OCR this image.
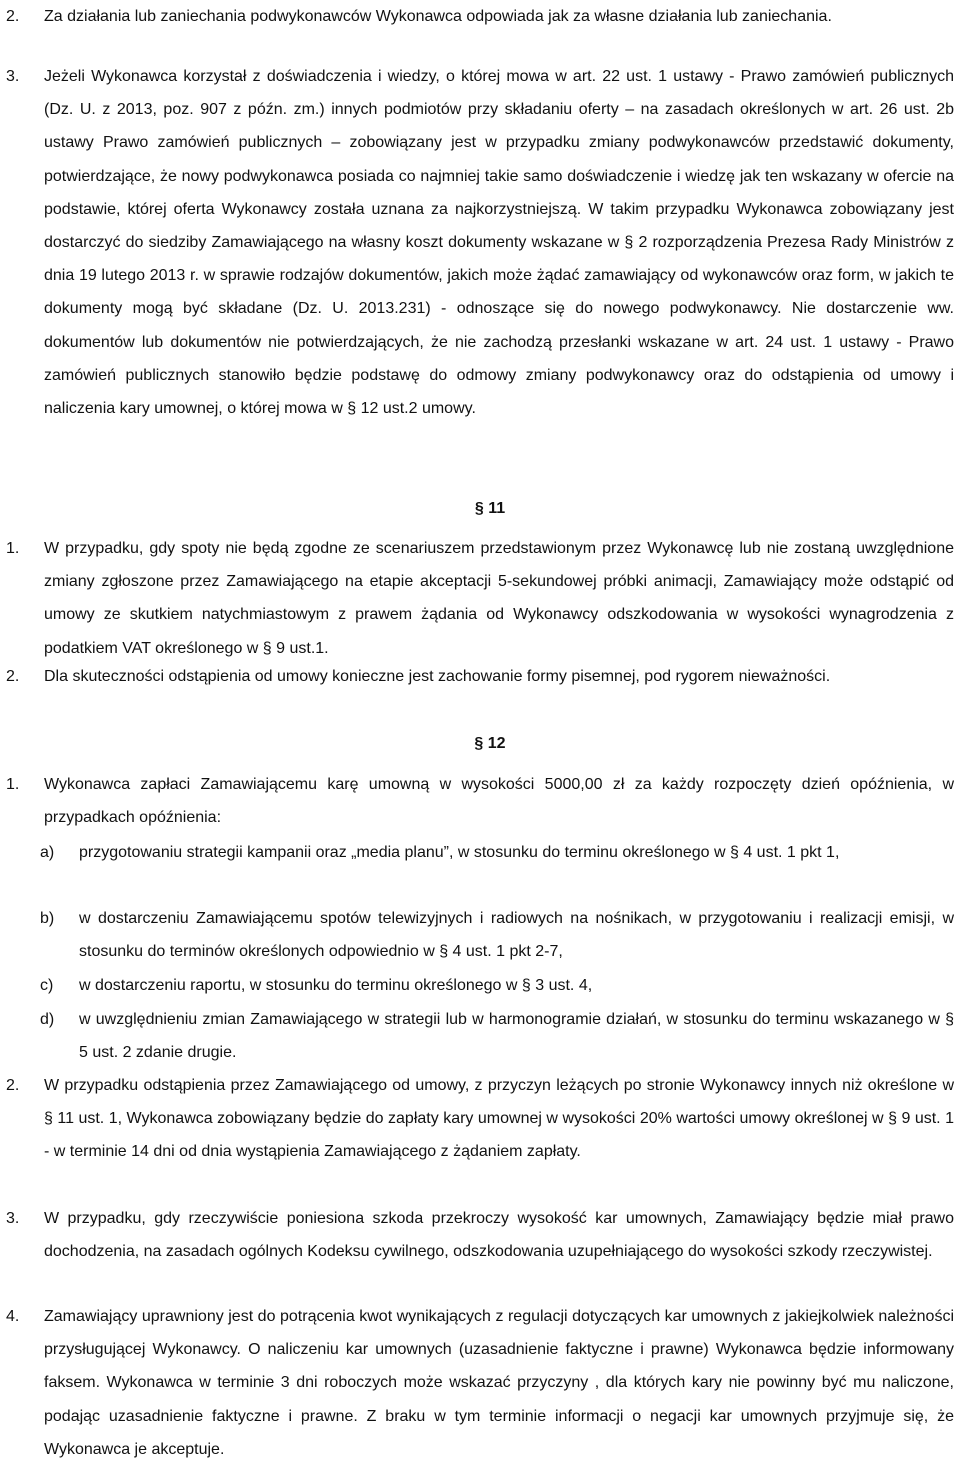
2. Za działania lub zaniechania podwykonawców Wykonawca odpowiada jak za własne działania lub zaniechania.
3. Jeżeli Wykonawca korzystał z doświadczenia i wiedzy, o której mowa w art. 22 ust. 1 ustawy - Prawo zamówień publicznych (Dz. U. z 2013, poz. 907 z późn. zm.) innych podmiotów przy składaniu oferty – na zasadach określonych w art. 26 ust. 2b ustawy Prawo zamówień publicznych – zobowiązany jest w przypadku zmiany podwykonawców przedstawić dokumenty, potwierdzające, że nowy podwykonawca posiada co najmniej takie samo doświadczenie i wiedzę jak ten wskazany w ofercie na podstawie, której oferta Wykonawcy została uznana za najkorzystniejszą. W takim przypadku Wykonawca zobowiązany jest dostarczyć do siedziby Zamawiającego na własny koszt dokumenty wskazane w § 2 rozporządzenia Prezesa Rady Ministrów z dnia 19 lutego 2013 r. w sprawie rodzajów dokumentów, jakich może żądać zamawiający od wykonawców oraz form, w jakich te dokumenty mogą być składane (Dz. U. 2013.231) - odnoszące się do nowego podwykonawcy. Nie dostarczenie ww. dokumentów lub dokumentów nie potwierdzających, że nie zachodzą przesłanki wskazane w art. 24 ust. 1 ustawy - Prawo zamówień publicznych stanowiło będzie podstawę do odmowy zmiany podwykonawcy oraz do odstąpienia od umowy i naliczenia kary umownej, o której mowa w § 12 ust.2 umowy.
§ 11
1. W przypadku, gdy spoty nie będą zgodne ze scenariuszem przedstawionym przez Wykonawcę lub nie zostaną uwzględnione zmiany zgłoszone przez Zamawiającego na etapie akceptacji 5-sekundowej próbki animacji, Zamawiający może odstąpić od umowy ze skutkiem natychmiastowym z prawem żądania od Wykonawcy odszkodowania w wysokości wynagrodzenia z podatkiem VAT określonego w § 9 ust.1.
2. Dla skuteczności odstąpienia od umowy konieczne jest zachowanie formy pisemnej, pod rygorem nieważności.
§ 12
1. Wykonawca zapłaci Zamawiającemu karę umowną w wysokości 5000,00 zł za każdy rozpoczęty dzień opóźnienia, w przypadkach opóźnienia:
a) przygotowaniu strategii kampanii oraz „media planu”, w stosunku do terminu określonego w § 4 ust. 1 pkt 1,
b) w dostarczeniu Zamawiającemu spotów telewizyjnych i radiowych na nośnikach, w przygotowaniu i realizacji emisji, w stosunku do terminów określonych odpowiednio w § 4 ust. 1 pkt 2-7,
c) w dostarczeniu raportu, w stosunku do terminu określonego w § 3 ust. 4,
d) w uwzględnieniu zmian Zamawiającego w strategii lub w harmonogramie działań, w stosunku do terminu wskazanego w § 5 ust. 2 zdanie drugie.
2. W przypadku odstąpienia przez Zamawiającego od umowy, z przyczyn leżących po stronie Wykonawcy innych niż określone w § 11 ust. 1, Wykonawca zobowiązany będzie do zapłaty kary umownej w wysokości 20% wartości umowy określonej w § 9 ust. 1 - w terminie 14 dni od dnia wystąpienia Zamawiającego z żądaniem zapłaty.
3. W przypadku, gdy rzeczywiście poniesiona szkoda przekroczy wysokość kar umownych, Zamawiający będzie miał prawo dochodzenia, na zasadach ogólnych Kodeksu cywilnego, odszkodowania uzupełniającego do wysokości szkody rzeczywistej.
4. Zamawiający uprawniony jest do potrącenia kwot wynikających z regulacji dotyczących kar umownych z jakiejkolwiek należności przysługującej Wykonawcy. O naliczeniu kar umownych (uzasadnienie faktyczne i prawne) Wykonawca będzie informowany faksem. Wykonawca w terminie 3 dni roboczych może wskazać przyczyny , dla których kary nie powinny być mu naliczone, podając uzasadnienie faktyczne i prawne. Z braku w tym terminie informacji o negacji kar umownych przyjmuje się, że Wykonawca je akceptuje.
